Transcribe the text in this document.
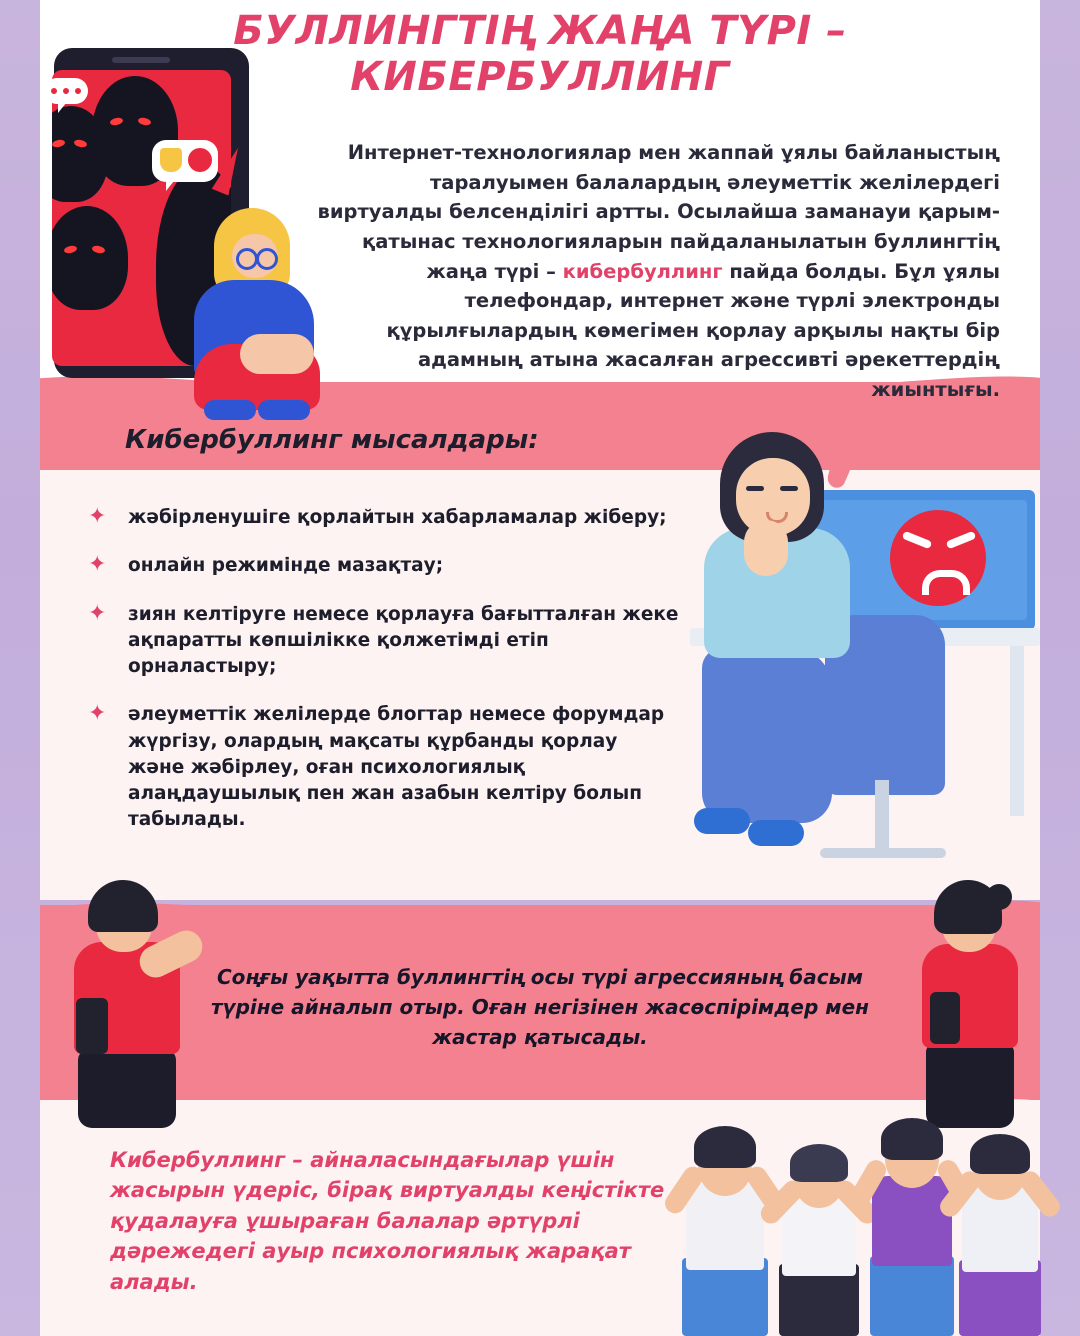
БУЛЛИНГТІҢ ЖАҢА ТҮРІ –
КИБЕРБУЛЛИНГ
Интернет-технологиялар мен жаппай ұялы байланыстың таралуымен балалардың әлеуметтік желілердегі виртуалды белсенділігі артты. Осылайша заманауи қарым-қатынас технологияларын пайдаланылатын буллингтің жаңа түрі – кибербуллинг пайда болды. Бұл ұялы телефондар, интернет және түрлі электронды құрылғылардың көмегімен қорлау арқылы нақты бір адамның атына жасалған агрессивті әрекеттердің жиынтығы.
Кибербуллинг мысалдары:
✦ жәбірленушіге қорлайтын хабарламалар жіберу;
✦ онлайн режимінде мазақтау;
✦ зиян келтіруге немесе қорлауға бағытталған жеке ақпаратты көпшілікке қолжетімді етіп орналастыру;
✦ әлеуметтік желілерде блогтар немесе форумдар жүргізу, олардың мақсаты құрбанды қорлау және жәбірлеу, оған психологиялық алаңдаушылық пен жан азабын келтіру болып табылады.
Соңғы уақытта буллингтің осы түрі агрессияның басым түріне айналып отыр. Оған негізінен жасөспірімдер мен жастар қатысады.
Кибербуллинг – айналасындағылар үшін жасырын үдеріс, бірақ виртуалды кеңістікте қудалауға ұшыраған балалар әртүрлі дәрежедегі ауыр психологиялық жарақат алады.
